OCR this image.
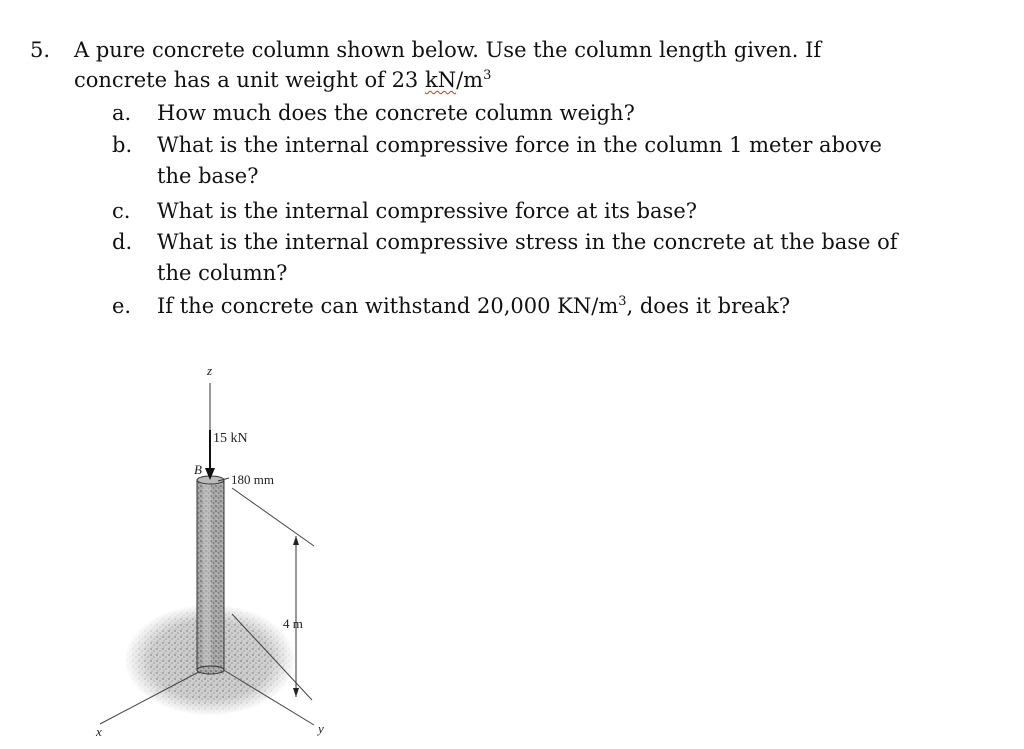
5. A pure concrete column shown below. Use the column length given. If
concrete has a unit weight of 23 $kN/m^3$
a. How much does the concrete column weigh?
b. What is the internal compressive force in the column 1 meter above
the base?
c. What is the internal compressive force at its base?
d. What is the internal compressive stress in the concrete at the base of
the column?
e. If the concrete can withstand 20,000 $KN/m^3$, does it break?
z
15 kN
B
180 mm
4 m
x	y
